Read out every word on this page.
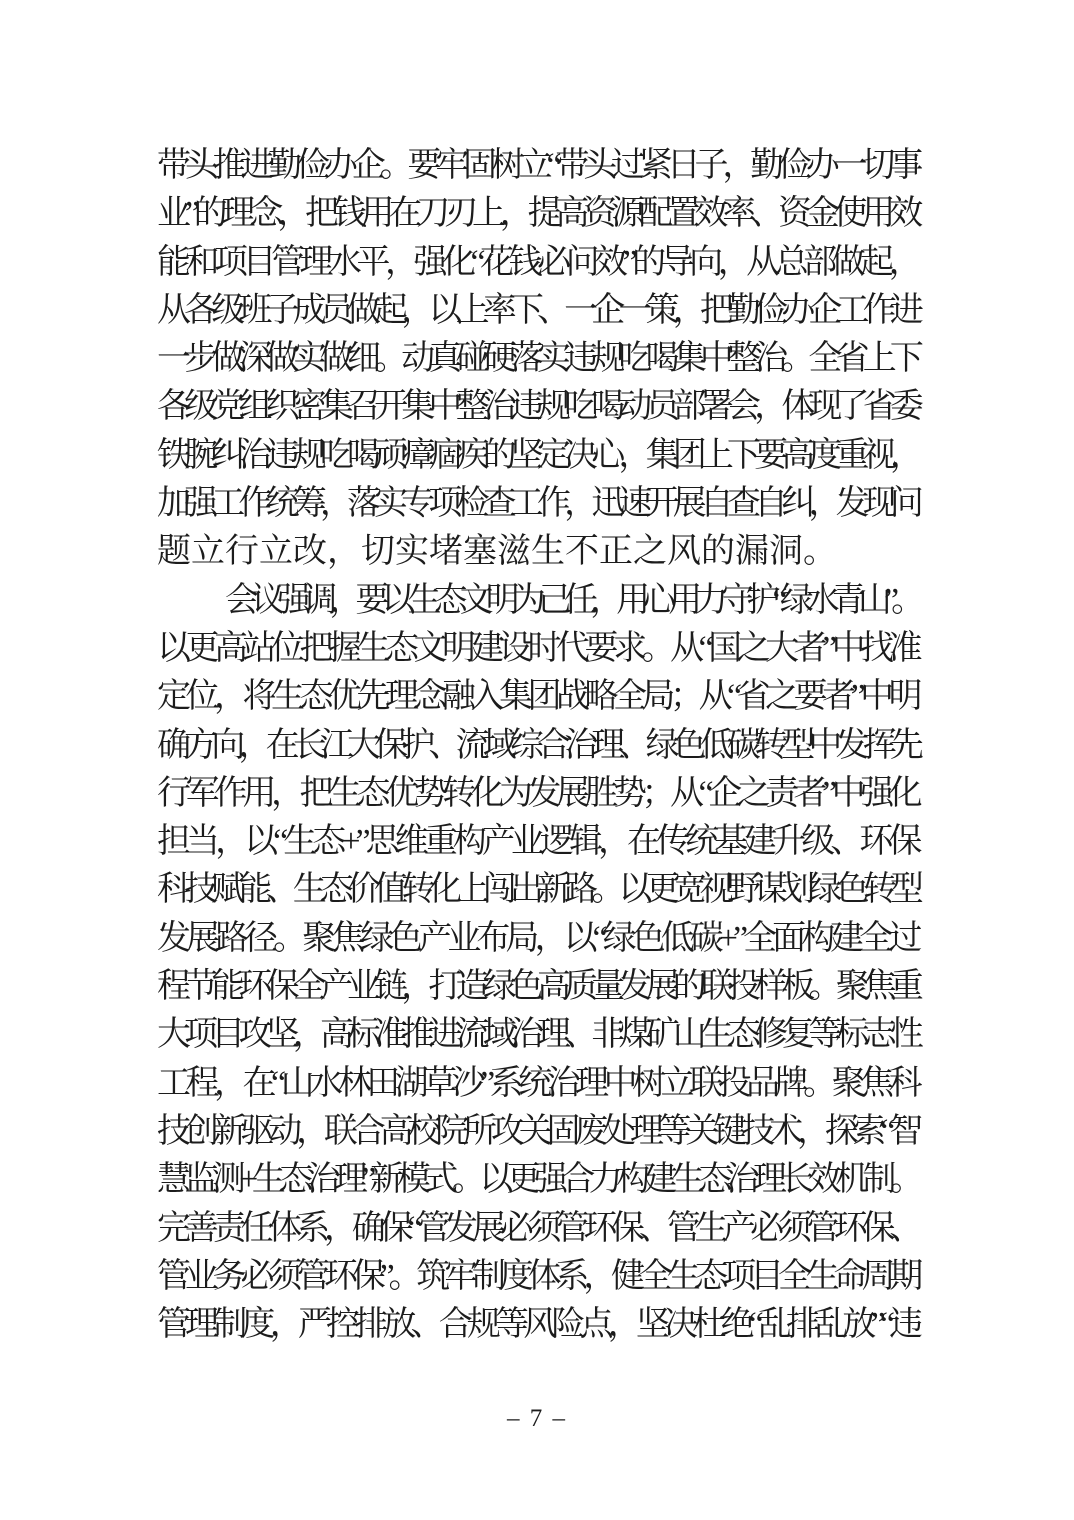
带头推进勤俭办企。要牢固树立“带头过紧日子，勤俭办一切事
业”的理念，把钱用在刀刃上，提高资源配置效率、资金使用效
能和项目管理水平，强化“花钱必问效”的导向，从总部做起，
从各级班子成员做起，以上率下、一企一策，把勤俭办企工作进
一步做深做实做细。动真碰硬落实违规吃喝集中整治。全省上下
各级党组织密集召开集中整治违规吃喝动员部署会，体现了省委
铁腕纠治违规吃喝顽瘴痼疾的坚定决心，集团上下要高度重视，
加强工作统筹，落实专项检查工作，迅速开展自查自纠，发现问
题立行立改，切实堵塞滋生不正之风的漏洞。
会议强调，要以生态文明为己任，用心用力守护“绿水青山”。
以更高站位把握生态文明建设时代要求。从“国之大者”中找准
定位，将生态优先理念融入集团战略全局；从“省之要者”中明
确方向，在长江大保护、流域综合治理、绿色低碳转型中发挥先
行军作用，把生态优势转化为发展胜势；从“企之责者”中强化
担当，以“生态+”思维重构产业逻辑，在传统基建升级、环保
科技赋能、生态价值转化上闯出新路。以更宽视野谋划绿色转型
发展路径。聚焦绿色产业布局，以“绿色低碳+”全面构建全过
程节能环保全产业链，打造绿色高质量发展的联投样板。聚焦重
大项目攻坚，高标准推进流域治理、非煤矿山生态修复等标志性
工程，在“山水林田湖草沙”系统治理中树立联投品牌。聚焦科
技创新驱动，联合高校院所攻关固废处理等关键技术，探索“智
慧监测+生态治理”新模式。以更强合力构建生态治理长效机制。
完善责任体系，确保“管发展必须管环保、管生产必须管环保、
管业务必须管环保”。筑牢制度体系，健全生态项目全生命周期
管理制度，严控排放、合规等风险点，坚决杜绝“乱排乱放”“违
– 7 –
